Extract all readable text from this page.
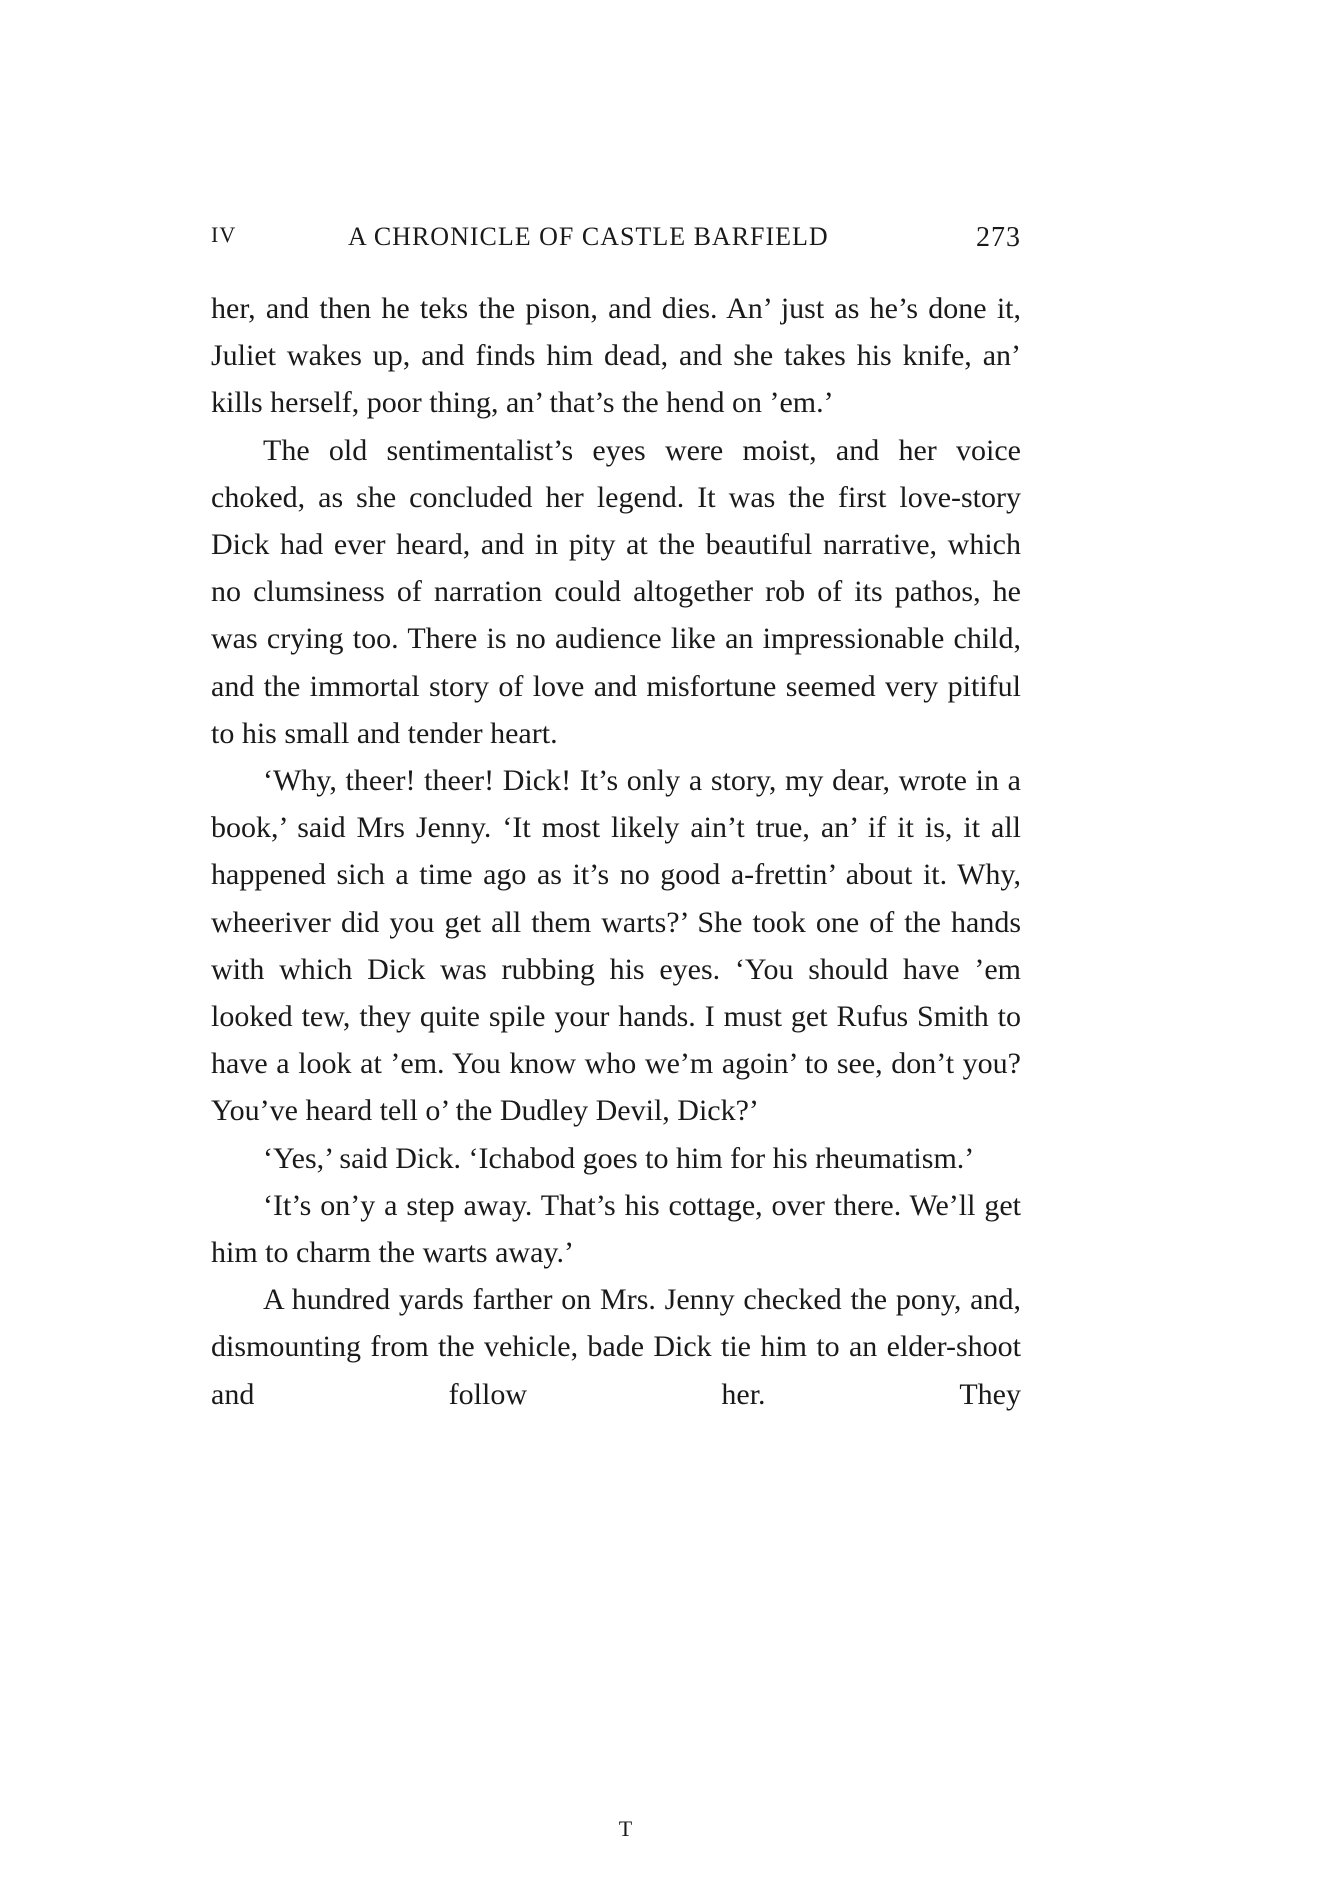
IV	A CHRONICLE OF CASTLE BARFIELD	273

her, and then he teks the pison, and dies. An’ just as he’s done it, Juliet wakes up, and finds him dead, and she takes his knife, an’ kills herself, poor thing, an’ that’s the hend on ’em.’

The old sentimentalist’s eyes were moist, and her voice choked, as she concluded her legend. It was the first love-story Dick had ever heard, and in pity at the beautiful narrative, which no clumsiness of narration could altogether rob of its pathos, he was crying too. There is no audience like an impressionable child, and the immortal story of love and misfortune seemed very pitiful to his small and tender heart.

‘Why, theer! theer! Dick! It’s only a story, my dear, wrote in a book,’ said Mrs Jenny. ‘It most likely ain’t true, an’ if it is, it all happened sich a time ago as it’s no good a-frettin’ about it. Why, wheeriver did you get all them warts?’ She took one of the hands with which Dick was rubbing his eyes. ‘You should have ’em looked tew, they quite spile your hands. I must get Rufus Smith to have a look at ’em. You know who we’m agoin’ to see, don’t you? You’ve heard tell o’ the Dudley Devil, Dick?’

‘Yes,’ said Dick. ‘Ichabod goes to him for his rheumatism.’

‘It’s on’y a step away. That’s his cottage, over there. We’ll get him to charm the warts away.’

A hundred yards farther on Mrs. Jenny checked the pony, and, dismounting from the vehicle, bade Dick tie him to an elder-shoot and follow her. They

T
